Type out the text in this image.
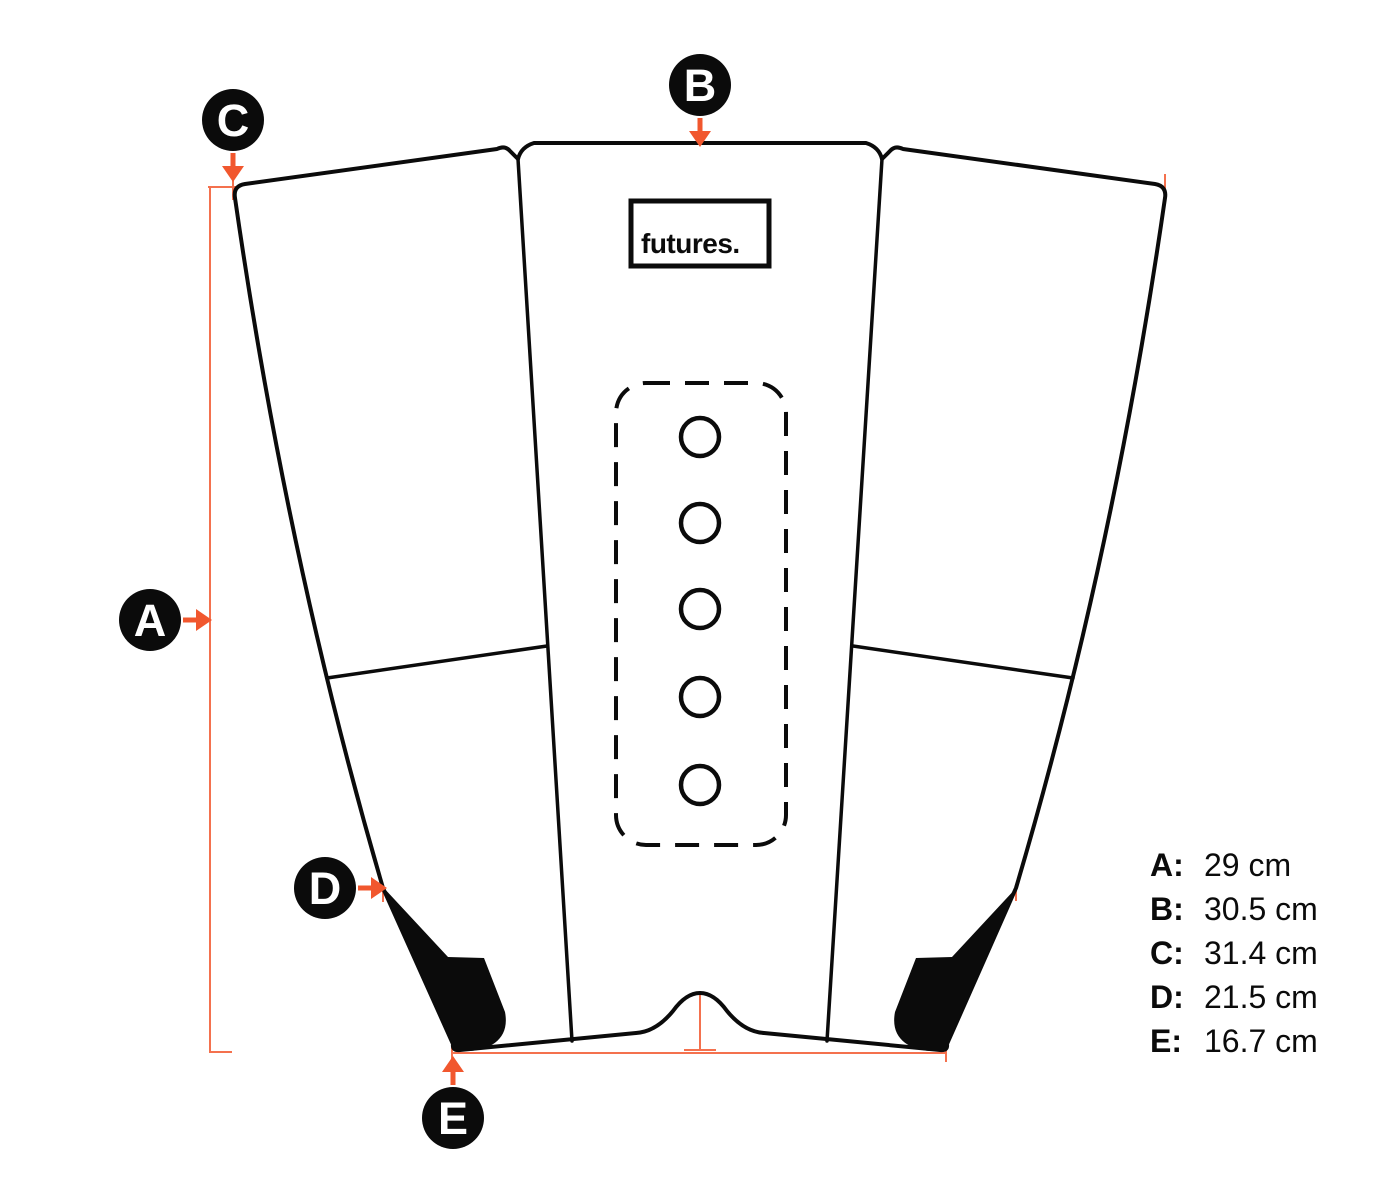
futures.
A
B
C
D
E
A: 29 cm
B: 30.5 cm
C: 31.4 cm
D: 21.5 cm
E: 16.7 cm
